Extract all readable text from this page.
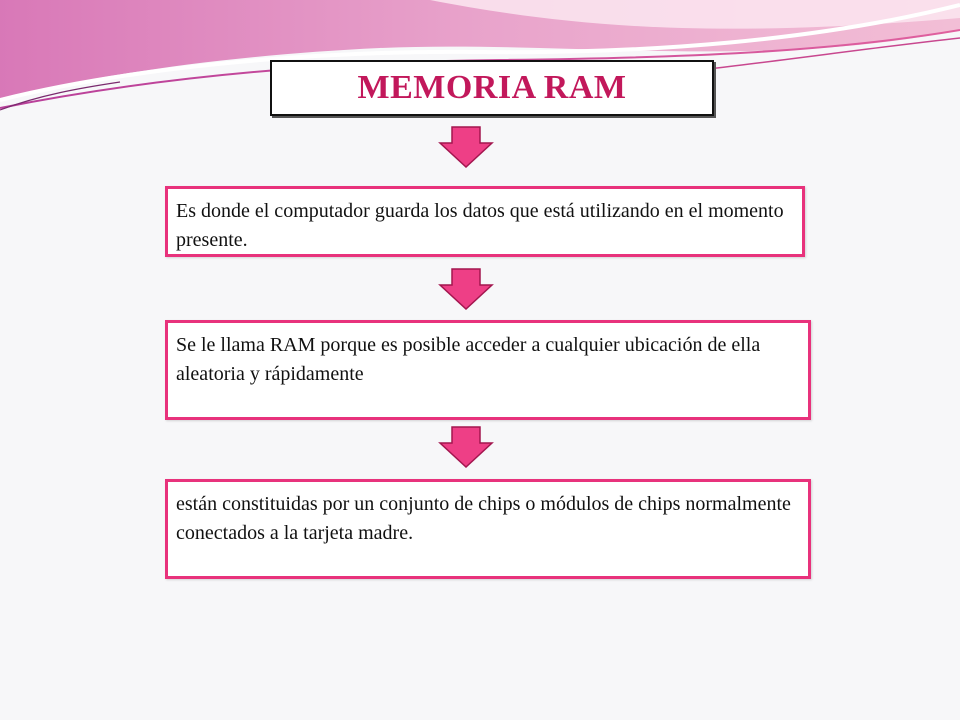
MEMORIA RAM
Es donde el computador guarda los datos que está utilizando en el momento presente.
Se le llama RAM porque es posible acceder a cualquier ubicación de ella aleatoria y rápidamente
están constituidas por un conjunto de chips o módulos de chips normalmente conectados a la tarjeta madre.
